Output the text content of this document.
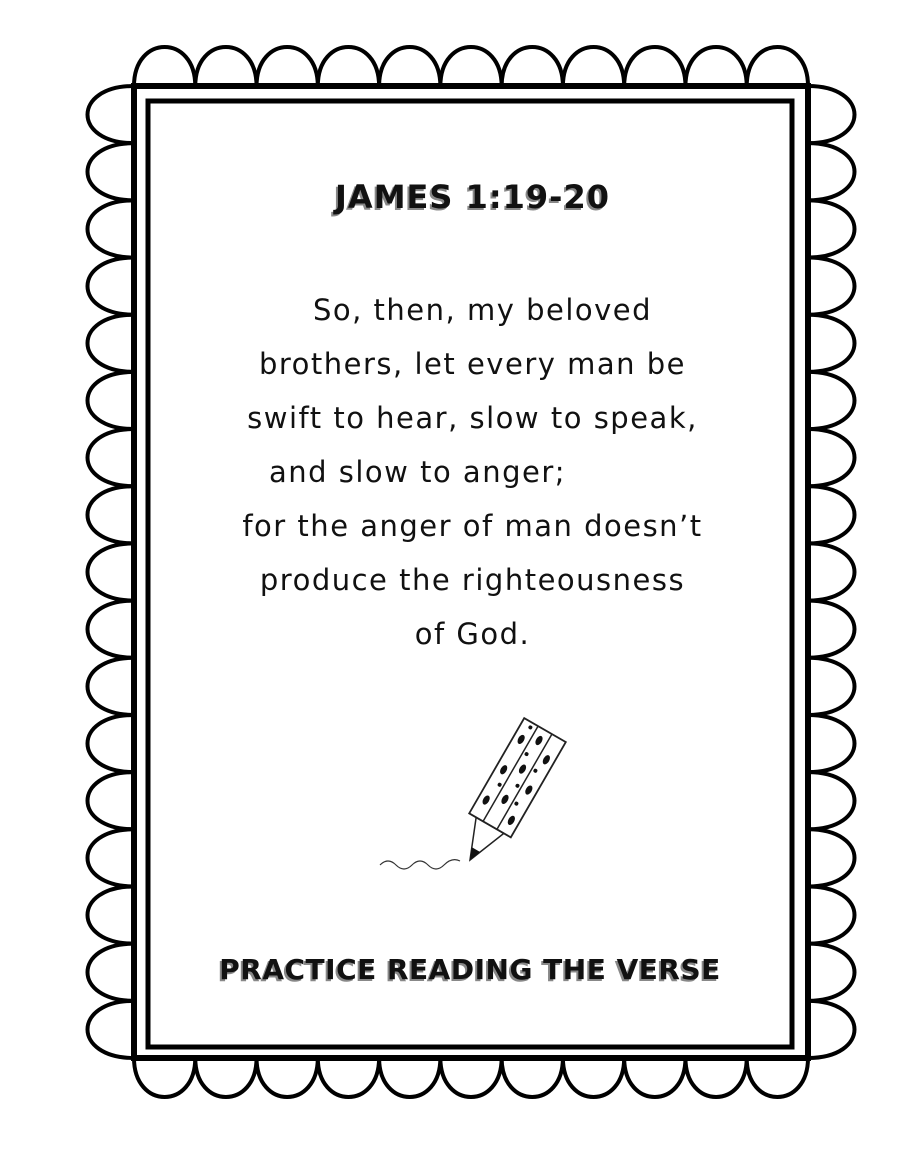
JAMES 1:19-20
So, then, my beloved
brothers, let every man be
swift to hear, slow to speak,
and slow to anger;
for the anger of man doesn’t
produce the righteousness
of God.
PRACTICE READING THE VERSE
